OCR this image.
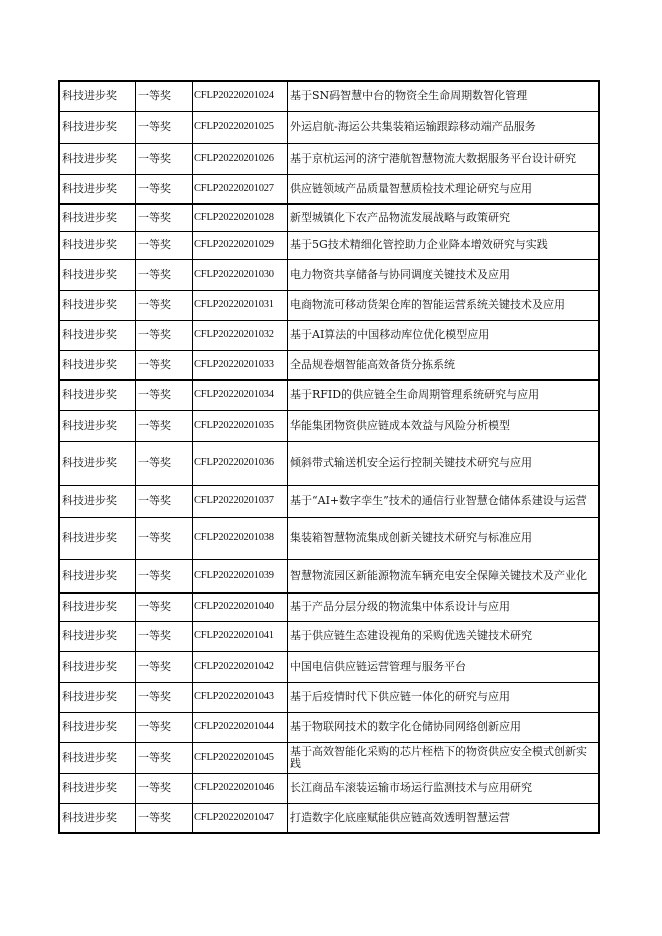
科技进步奖	一等奖	CFLP20220201024	基于SN码智慧中台的物资全生命周期数智化管理
科技进步奖	一等奖	CFLP20220201025	外运启航-海运公共集装箱运输跟踪移动端产品服务
科技进步奖	一等奖	CFLP20220201026	基于京杭运河的济宁港航智慧物流大数据服务平台设计研究
科技进步奖	一等奖	CFLP20220201027	供应链领域产品质量智慧质检技术理论研究与应用
科技进步奖	一等奖	CFLP20220201028	新型城镇化下农产品物流发展战略与政策研究
科技进步奖	一等奖	CFLP20220201029	基于5G技术精细化管控助力企业降本增效研究与实践
科技进步奖	一等奖	CFLP20220201030	电力物资共享储备与协同调度关键技术及应用
科技进步奖	一等奖	CFLP20220201031	电商物流可移动货架仓库的智能运营系统关键技术及应用
科技进步奖	一等奖	CFLP20220201032	基于AI算法的中国移动库位优化模型应用
科技进步奖	一等奖	CFLP20220201033	全品规卷烟智能高效备货分拣系统
科技进步奖	一等奖	CFLP20220201034	基于RFID的供应链全生命周期管理系统研究与应用
科技进步奖	一等奖	CFLP20220201035	华能集团物资供应链成本效益与风险分析模型
科技进步奖	一等奖	CFLP20220201036	倾斜带式输送机安全运行控制关键技术研究与应用
科技进步奖	一等奖	CFLP20220201037	基于“AI+数字孪生”技术的通信行业智慧仓储体系建设与运营
科技进步奖	一等奖	CFLP20220201038	集装箱智慧物流集成创新关键技术研究与标准应用
科技进步奖	一等奖	CFLP20220201039	智慧物流园区新能源物流车辆充电安全保障关键技术及产业化
科技进步奖	一等奖	CFLP20220201040	基于产品分层分级的物流集中体系设计与应用
科技进步奖	一等奖	CFLP20220201041	基于供应链生态建设视角的采购优选关键技术研究
科技进步奖	一等奖	CFLP20220201042	中国电信供应链运营管理与服务平台
科技进步奖	一等奖	CFLP20220201043	基于后疫情时代下供应链一体化的研究与应用
科技进步奖	一等奖	CFLP20220201044	基于物联网技术的数字化仓储协同网络创新应用
科技进步奖	一等奖	CFLP20220201045	基于高效智能化采购的芯片桎梏下的物资供应安全模式创新实践
科技进步奖	一等奖	CFLP20220201046	长江商品车滚装运输市场运行监测技术与应用研究
科技进步奖	一等奖	CFLP20220201047	打造数字化底座赋能供应链高效透明智慧运营
